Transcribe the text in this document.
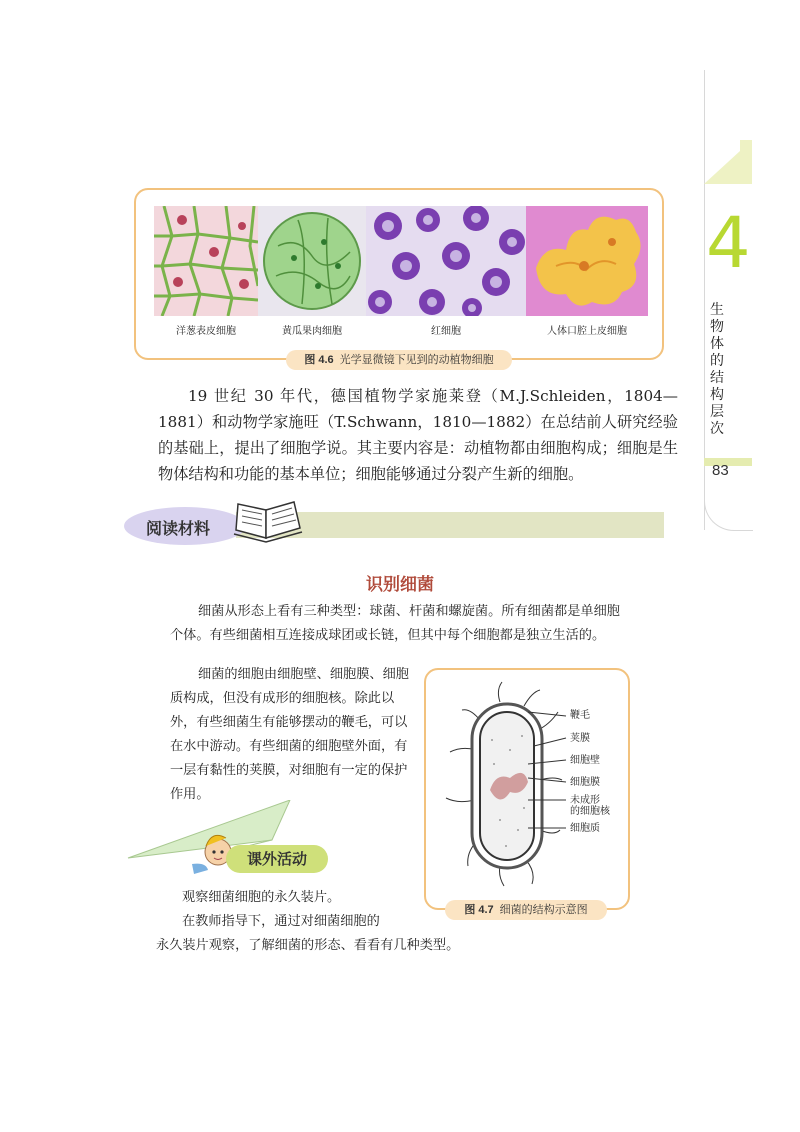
4
生物体的结构层次
83
洋葱表皮细胞	黄瓜果肉细胞	红细胞	人体口腔上皮细胞
图 4.6 光学显微镜下见到的动植物细胞
19 世纪 30 年代，德国植物学家施莱登（M.J.Schleiden，1804—1881）和动物学家施旺（T.Schwann，1810—1882）在总结前人研究经验的基础上，提出了细胞学说。其主要内容是：动植物都由细胞构成；细胞是生物体结构和功能的基本单位；细胞能够通过分裂产生新的细胞。
阅读材料
识别细菌
细菌从形态上看有三种类型：球菌、杆菌和螺旋菌。所有细菌都是单细胞个体。有些细菌相互连接成球团或长链，但其中每个细胞都是独立生活的。
细菌的细胞由细胞壁、细胞膜、细胞质构成，但没有成形的细胞核。除此以外，有些细菌生有能够摆动的鞭毛，可以在水中游动。有些细菌的细胞壁外面，有一层有黏性的荚膜，对细胞有一定的保护作用。
鞭毛
荚膜
细胞壁
细胞膜
未成形
的细胞核
细胞质
图 4.7 细菌的结构示意图
课外活动
观察细菌细胞的永久装片。
在教师指导下，通过对细菌细胞的
永久装片观察，了解细菌的形态、看看有几种类型。
